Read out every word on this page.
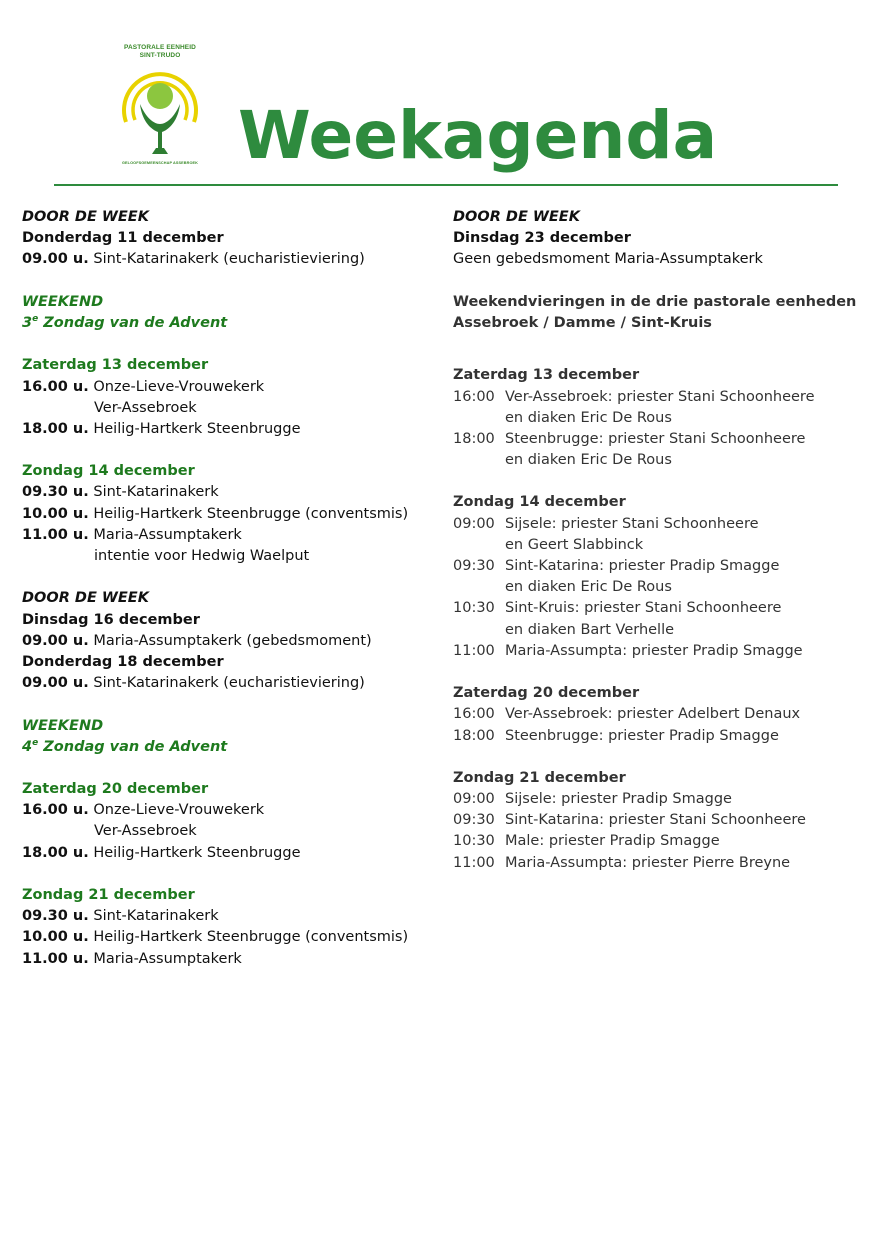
PASTORALE EENHEID
SINT-TRUDO
GELOOFSGEMEENSCHAP ASSEBROEK Weekagenda
DOOR DE WEEK
Donderdag 11 december
09.00 u. Sint-Katarinakerk (eucharistieviering)
WEEKEND
3e Zondag van de Advent
Zaterdag 13 december
16.00 u. Onze-Lieve-Vrouwekerk
Ver-Assebroek
18.00 u. Heilig-Hartkerk Steenbrugge
Zondag 14 december
09.30 u. Sint-Katarinakerk
10.00 u. Heilig-Hartkerk Steenbrugge (conventsmis)
11.00 u. Maria-Assumptakerk
intentie voor Hedwig Waelput
DOOR DE WEEK
Dinsdag 16 december
09.00 u. Maria-Assumptakerk (gebedsmoment)
Donderdag 18 december
09.00 u. Sint-Katarinakerk (eucharistieviering)
WEEKEND
4e Zondag van de Advent
Zaterdag 20 december
16.00 u. Onze-Lieve-Vrouwekerk
Ver-Assebroek
18.00 u. Heilig-Hartkerk Steenbrugge
Zondag 21 december
09.30 u. Sint-Katarinakerk
10.00 u. Heilig-Hartkerk Steenbrugge (conventsmis)
11.00 u. Maria-Assumptakerk
DOOR DE WEEK
Dinsdag 23 december
Geen gebedsmoment Maria-Assumptakerk
Weekendvieringen in de drie pastorale eenheden
Assebroek / Damme / Sint-Kruis
Zaterdag 13 december
16:00 Ver-Assebroek: priester Stani Schoonheere
en diaken Eric De Rous
18:00 Steenbrugge: priester Stani Schoonheere
en diaken Eric De Rous
Zondag 14 december
09:00 Sijsele: priester Stani Schoonheere
en Geert Slabbinck
09:30 Sint-Katarina: priester Pradip Smagge
en diaken Eric De Rous
10:30 Sint-Kruis: priester Stani Schoonheere
en diaken Bart Verhelle
11:00 Maria-Assumpta: priester Pradip Smagge
Zaterdag 20 december
16:00 Ver-Assebroek: priester Adelbert Denaux
18:00 Steenbrugge: priester Pradip Smagge
Zondag 21 december
09:00 Sijsele: priester Pradip Smagge
09:30 Sint-Katarina: priester Stani Schoonheere
10:30 Male: priester Pradip Smagge
11:00 Maria-Assumpta: priester Pierre Breyne
